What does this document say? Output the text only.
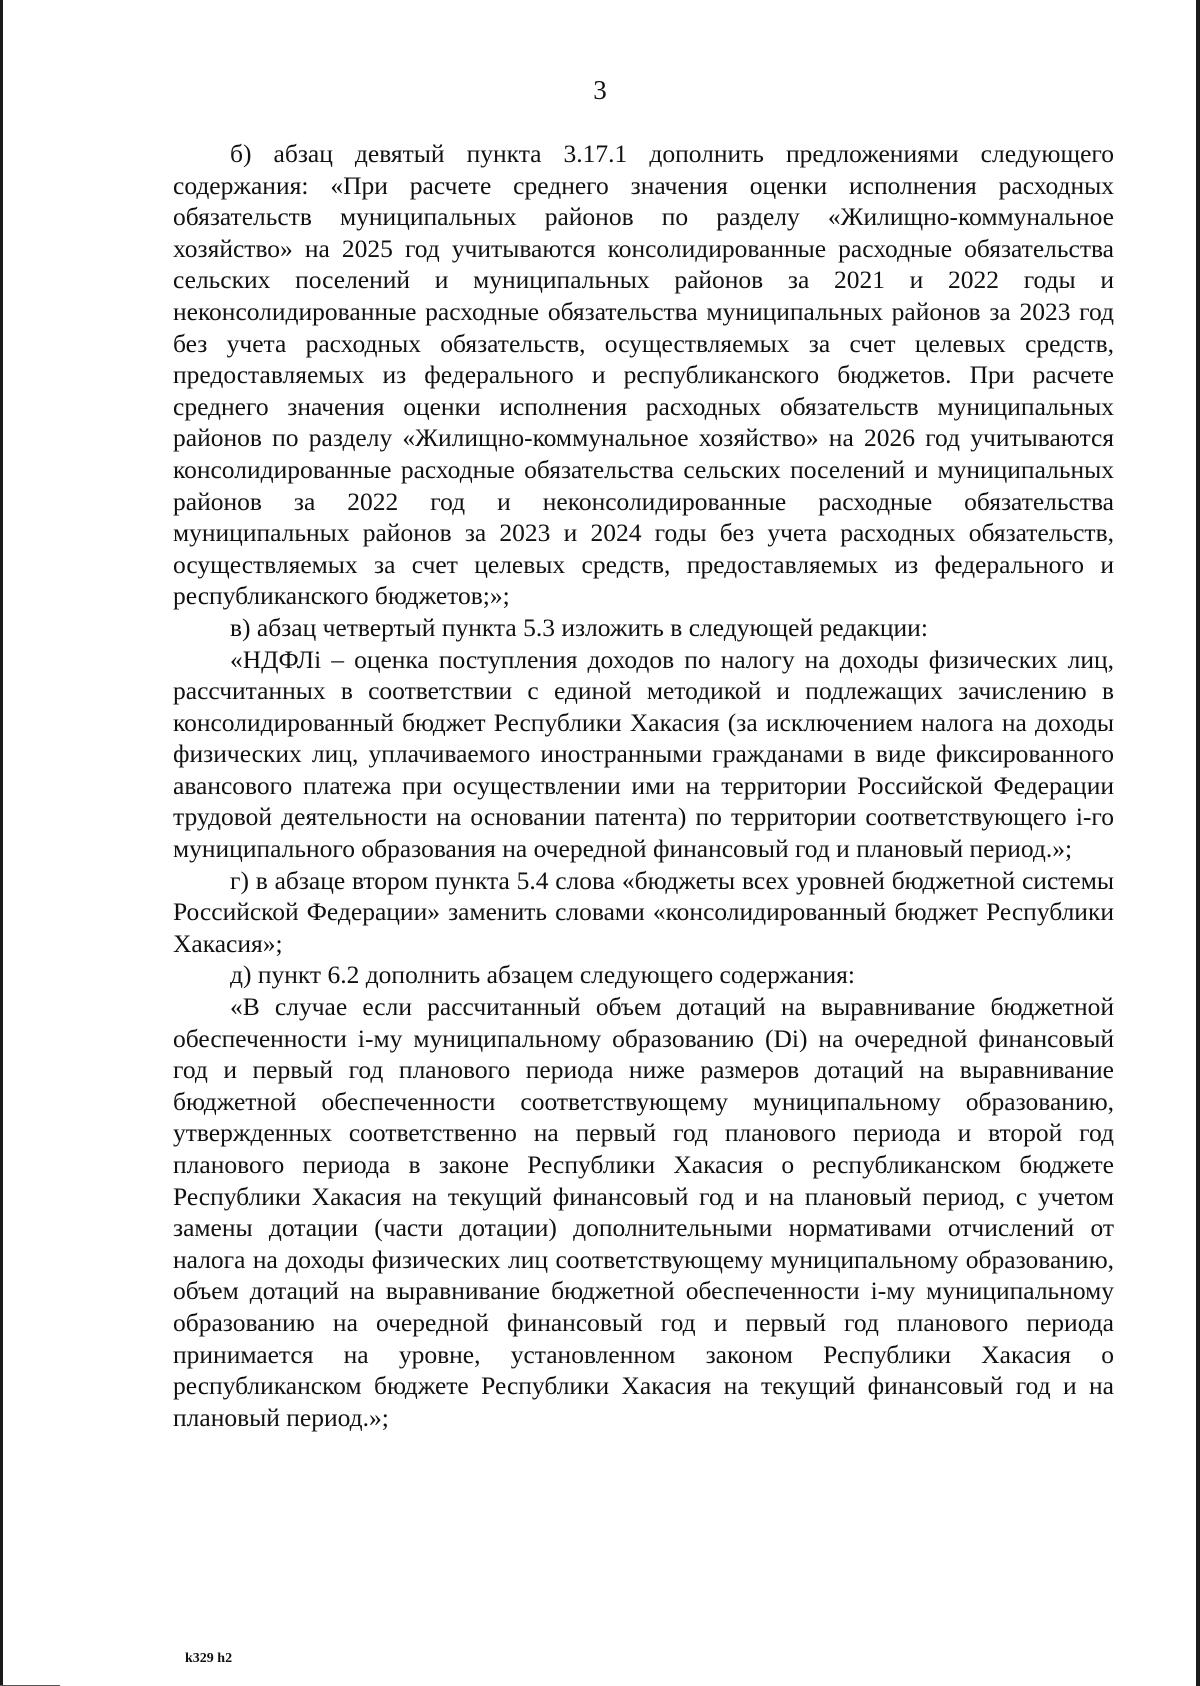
3

б) абзац девятый пункта 3.17.1 дополнить предложениями следующего содержания: «При расчете среднего значения оценки исполнения расходных обязательств муниципальных районов по разделу «Жилищно-коммунальное хозяйство» на 2025 год учитываются консолидированные расходные обязательства сельских поселений и муниципальных районов за 2021 и 2022 годы и неконсолидированные расходные обязательства муниципальных районов за 2023 год без учета расходных обязательств, осуществляемых за счет целевых средств, предоставляемых из федерального и республиканского бюджетов. При расчете среднего значения оценки исполнения расходных обязательств муниципальных районов по разделу «Жилищно-коммунальное хозяйство» на 2026 год учитываются консолидированные расходные обязательства сельских поселений и муниципальных районов за 2022 год и неконсолидированные расходные обязательства муниципальных районов за 2023 и 2024 годы без учета расходных обязательств, осуществляемых за счет целевых средств, предоставляемых из федерального и республиканского бюджетов;»;

в) абзац четвертый пункта 5.3 изложить в следующей редакции:

«НДФЛi – оценка поступления доходов по налогу на доходы физических лиц, рассчитанных в соответствии с единой методикой и подлежащих зачислению в консолидированный бюджет Республики Хакасия (за исключением налога на доходы физических лиц, уплачиваемого иностранными гражданами в виде фиксированного авансового платежа при осуществлении ими на территории Российской Федерации трудовой деятельности на основании патента) по территории соответствующего i-го муниципального образования на очередной финансовый год и плановый период.»;

г) в абзаце втором пункта 5.4 слова «бюджеты всех уровней бюджетной системы Российской Федерации» заменить словами «консолидированный бюджет Республики Хакасия»;

д) пункт 6.2 дополнить абзацем следующего содержания:

«В случае если рассчитанный объем дотаций на выравнивание бюджетной обеспеченности i-му муниципальному образованию (Di) на очередной финансовый год и первый год планового периода ниже размеров дотаций на выравнивание бюджетной обеспеченности соответствующему муниципальному образованию, утвержденных соответственно на первый год планового периода и второй год планового периода в законе Республики Хакасия о республиканском бюджете Республики Хакасия на текущий финансовый год и на плановый период, с учетом замены дотации (части дотации) дополнительными нормативами отчислений от налога на доходы физических лиц соответствующему муниципальному образованию, объем дотаций на выравнивание бюджетной обеспеченности i-му муниципальному образованию на очередной финансовый год и первый год планового периода принимается на уровне, установленном законом Республики Хакасия о республиканском бюджете Республики Хакасия на текущий финансовый год и на плановый период.»;

k329 h2
